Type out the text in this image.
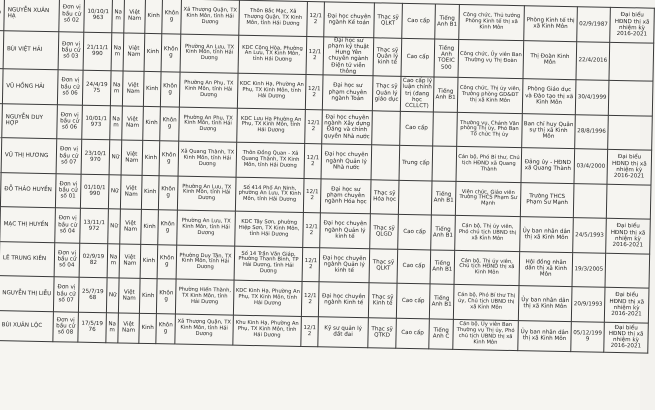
	NGUYỄN XUÂN HẠ	Đơn vị bầu cử số 02	10/10/1963	Nam	Việt Nam	Kinh	Không	Xã Thượng Quận, TX Kinh Môn, tỉnh Hải Dương	Thôn Bắc Mạc, Xã Thượng Quận, TX Kinh Môn, tỉnh Hải Dương	12/12	Đại học chuyên ngành Kế toán	Thạc sỹ QLKT	Cao cấp	Tiếng Anh B1	Công chức, Thủ tướng Phòng Kinh tế thị xã Kinh Môn	Phòng Kinh tế thị xã Kinh Môn	02/9/1987	Đại biểu HĐND thị xã nhiệm kỳ 2016-2021
	BÙI VIỆT HẢI	Đơn vị bầu cử số 03	21/11/1990	Nam	Việt Nam	Kinh	Không	Phường An Lưu, TX Kinh Môn, tỉnh Hải Dương	KDC Cộng Hòa, Phường An Lưu, TX Kinh Môn, tỉnh Hải Dương	12/12	Đại học sư phạm kỹ thuật Hưng Yên chuyên ngành Điện tử viễn thông	Thạc sỹ Quản lý kinh tế	Cao cấp	Tiếng Anh TOEIC 500	Công chức, Ủy viên Ban Thường vụ Thị Đoàn	Thị Đoàn Kinh Môn	22/4/2016	
	VŨ HỒNG HẢI	Đơn vị bầu cử số 06	24/4/1975	Nam	Việt Nam	Kinh	Không	Phường An Phụ, TX Kinh Môn, tỉnh Hải Dương	KDC Kinh Hạ, Phường An Phụ, TX Kinh Môn, tỉnh Hải Dương	12/12	Đại học sư phạm chuyên ngành Toán	Thạc sỹ Quản lý giáo dục	Cao cấp lý luận chính trị (đang học CCLLCT)	Tiếng Anh B1	Công chức, Thị ủy viên, Trưởng phòng GD&ĐT thị xã Kinh Môn	Phòng Giáo dục và Đào tạo thị xã Kinh Môn	30/4/1999	
	NGUYỄN DUY HỢP	Đơn vị bầu cử số 06	10/01/1973	Nam	Việt Nam	Kinh	Không	Phường An Phụ, TX Kinh Môn, tỉnh Hải Dương	KDC Lưu Hạ Phường An Phụ, TX Kinh Môn, tỉnh Hải Dương	12/12	Đại học chuyên ngành Xây dựng Đảng và chính quyền Nhà nước		Cao cấp		Thường vụ, Chánh Văn phòng Thị ủy, Phó Ban Tổ chức Thị ủy	Ban chỉ huy Quân sự thị xã Kinh Môn	28/8/1996	
	VŨ THỊ HƯƠNG	Đơn vị bầu cử số 07	23/10/1970	Nữ	Việt Nam	Kinh	Không	Xã Quang Thành, TX Kinh Môn, tỉnh Hải Dương	Thôn Đồng Quan - Xã Quang Thành, TX Kinh Môn, tỉnh Hải Dương	12/12	Đại học chuyên ngành Quản lý Nhà nước		Trung cấp		Cán bộ, Phó Bí thư, Chủ tịch HĐND xã Quang Thành	Đảng ủy - HĐND xã Quang Thành	03/4/2000	Đại biểu HĐND thị xã nhiệm kỳ 2016-2021
	ĐỖ THẢO HUYỀN	Đơn vị bầu cử số 01	01/10/1990	Nữ	Việt Nam	Kinh	Không	Phường An Lưu, TX Kinh Môn, tỉnh Hải Dương	Số 414 Phố An Ninh, phường An Lưu, TX Kinh Môn, tỉnh Hải Dương	12/12	Đại học sư phạm chuyên ngành Hóa học	Thạc sỹ Hóa học		Tiếng Anh B1	Viên chức, Giáo viên Trường THCS Phạm Sư Mạnh	Trường THCS Phạm Sư Mạnh		
	MẠC THỊ HUYỀN	Đơn vị bầu cử số 04	13/11/1972	Nữ	Việt Nam	Kinh	Không	Phường An Lưu, TX Kinh Môn, tỉnh Hải Dương	KDC Tây Sơn, phường Hiệp Sơn, TX Kinh Môn, tỉnh Hải Dương	12/12	Đại học chuyên ngành Quản lý kinh tế	Thạc sỹ QLGD	Cao cấp	Tiếng Anh B1	Cán bộ, Thị ủy viên, Phó chủ tịch UBND thị xã Kinh Môn	Ủy ban nhân dân thị xã Kinh Môn	24/5/1993	Đại biểu HĐND thị xã nhiệm kỳ 2016-2021
	LÊ TRUNG KIÊN	Đơn vị bầu cử số 04	02/9/1982	Nam	Việt Nam	Kinh	Không	Phường Duy Tân, TX Kinh Môn, tỉnh Hải Dương	Số 14 Trần Văn Giáp, Phường Thanh Bình, TP Hải Dương, tỉnh Hải Dương	12/12	Đại học chuyên ngành Quản lý kinh tế	Thạc sỹ QLKT	Cao cấp	Tiếng Anh B1	Cán bộ, Thị ủy viên, Chủ tịch HĐND thị xã Kinh Môn	Hội đồng nhân dân thị xã Kinh Môn	19/3/2005	
	NGUYỄN THỊ LIỄU	Đơn vị bầu cử số 07	25/7/1968	Nữ	Việt Nam	Kinh	Không	Phường Hiến Thành, TX Kinh Môn, tỉnh Hải Dương	KDC Kinh Hạ, Phường An Phụ, TX Kinh Môn, tỉnh Hải Dương	12/12	Đại học chuyên ngành Kinh tế	Thạc sỹ Kinh tế	Cao cấp	Tiếng Anh B1	Cán bộ, Phó Bí thư Thị ủy, Chủ tịch UBND thị xã Kinh Môn	Ủy ban nhân dân thị xã Kinh Môn	20/9/1993	Đại biểu HĐND thị xã nhiệm kỳ 2016-2021
	BÙI XUÂN LỘC	Đơn vị bầu cử số 08	17/5/1976	Nam	Việt Nam	Kinh	Không	Xã Thượng Quận, TX Kinh Môn, tỉnh Hải Dương	Khu Kinh Hạ, Phường An Phụ, TX Kinh Môn, tỉnh Hải Dương	12/12	Kỹ sư quản lý đất đai	Thạc sỹ QTKD	Cao cấp	Tiếng Anh C	Cán bộ, Ủy viên Ban Thường vụ Thị ủy, Phó chủ tịch UBND thị xã Kinh Môn	Ủy ban nhân dân thị xã Kinh Môn	05/12/1999	Đại biểu HĐND thị xã nhiệm kỳ 2016-2021
